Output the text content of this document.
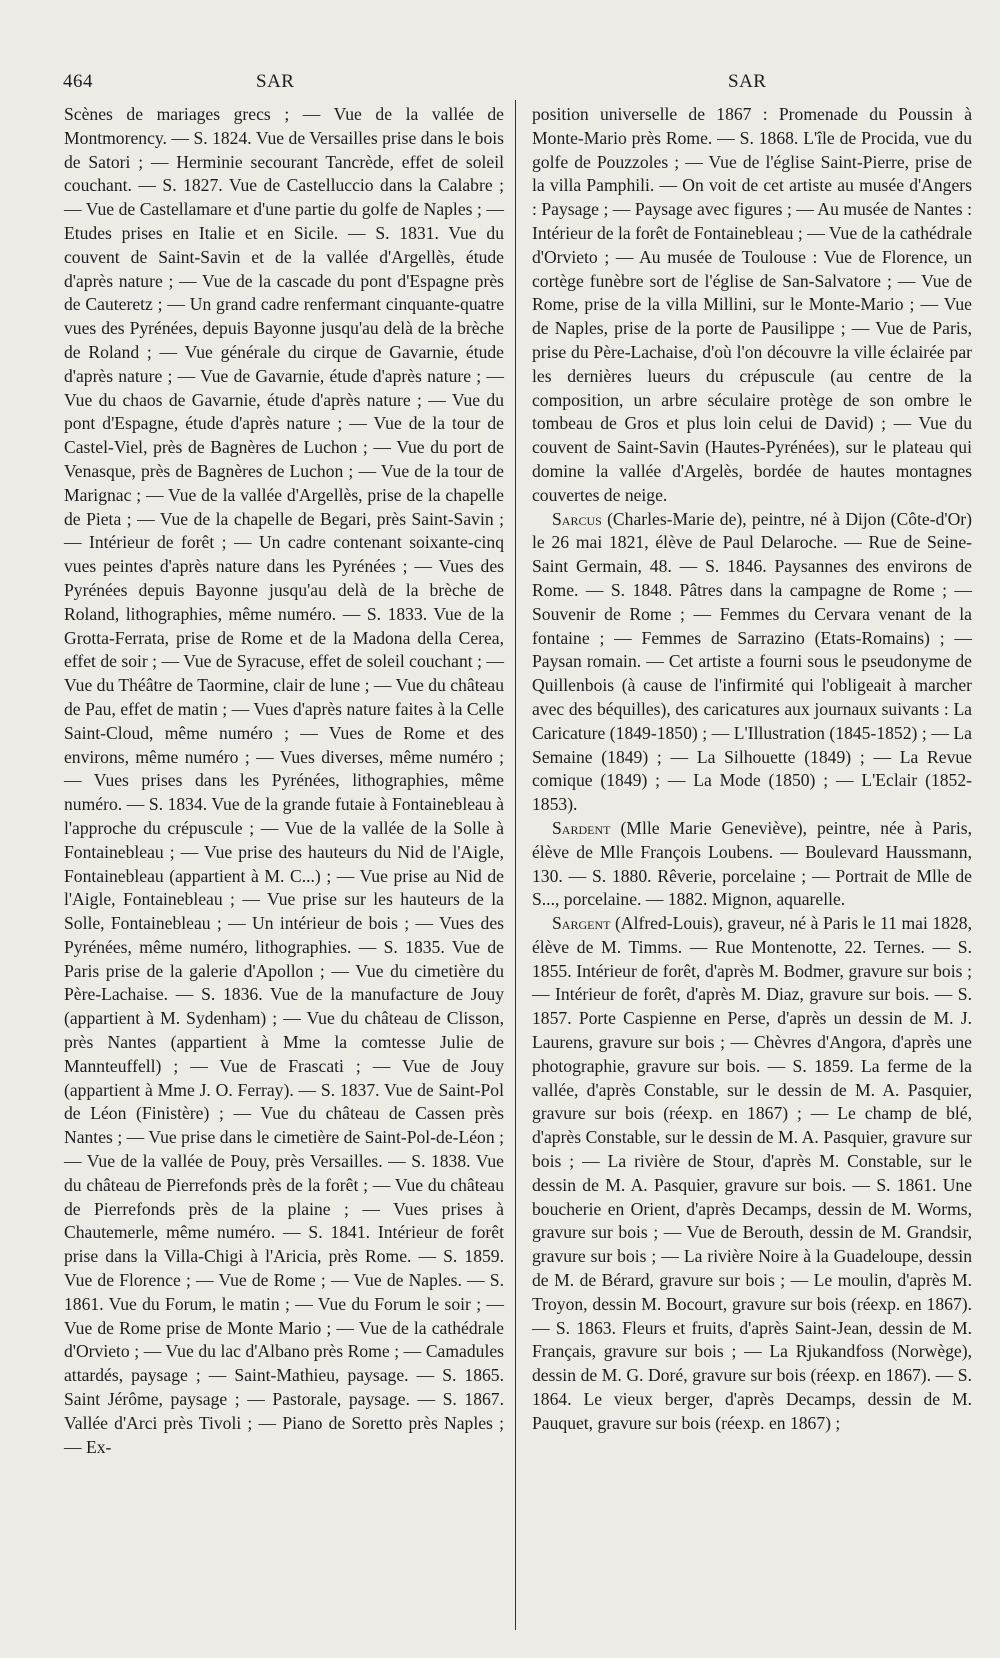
464	SAR	SAR

Scènes de mariages grecs ; — Vue de la vallée de Montmorency. — S. 1824. Vue de Versailles prise dans le bois de Satori ; — Herminie secourant Tancrède, effet de soleil couchant. — S. 1827. Vue de Castelluccio dans la Calabre ; — Vue de Castellamare et d'une partie du golfe de Naples ; — Etudes prises en Italie et en Sicile. — S. 1831. Vue du couvent de Saint-Savin et de la vallée d'Argellès, étude d'après nature ; — Vue de la cascade du pont d'Espagne près de Cauteretz ; — Un grand cadre renfermant cinquante-quatre vues des Pyrénées, depuis Bayonne jusqu'au delà de la brèche de Roland ; — Vue générale du cirque de Gavarnie, étude d'après nature ; — Vue de Gavarnie, étude d'après nature ; — Vue du chaos de Gavarnie, étude d'après nature ; — Vue du pont d'Espagne, étude d'après nature ; — Vue de la tour de Castel-Viel, près de Bagnères de Luchon ; — Vue du port de Venasque, près de Bagnères de Luchon ; — Vue de la tour de Marignac ; — Vue de la vallée d'Argellès, prise de la chapelle de Pieta ; — Vue de la chapelle de Begari, près Saint-Savin ; — Intérieur de forêt ; — Un cadre contenant soixante-cinq vues peintes d'après nature dans les Pyrénées ; — Vues des Pyrénées depuis Bayonne jusqu'au delà de la brèche de Roland, lithographies, même numéro. — S. 1833. Vue de la Grotta-Ferrata, prise de Rome et de la Madona della Cerea, effet de soir ; — Vue de Syracuse, effet de soleil couchant ; — Vue du Théâtre de Taormine, clair de lune ; — Vue du château de Pau, effet de matin ; — Vues d'après nature faites à la Celle Saint-Cloud, même numéro ; — Vues de Rome et des environs, même numéro ; — Vues diverses, même numéro ; — Vues prises dans les Pyrénées, lithographies, même numéro. — S. 1834. Vue de la grande futaie à Fontainebleau à l'approche du crépuscule ; — Vue de la vallée de la Solle à Fontainebleau ; — Vue prise des hauteurs du Nid de l'Aigle, Fontainebleau (appartient à M. C...) ; — Vue prise au Nid de l'Aigle, Fontainebleau ; — Vue prise sur les hauteurs de la Solle, Fontainebleau ; — Un intérieur de bois ; — Vues des Pyrénées, même numéro, lithographies. — S. 1835. Vue de Paris prise de la galerie d'Apollon ; — Vue du cimetière du Père-Lachaise. — S. 1836. Vue de la manufacture de Jouy (appartient à M. Sydenham) ; — Vue du château de Clisson, près Nantes (appartient à Mme la comtesse Julie de Mannteuffell) ; — Vue de Frascati ; — Vue de Jouy (appartient à Mme J. O. Ferray). — S. 1837. Vue de Saint-Pol de Léon (Finistère) ; — Vue du château de Cassen près Nantes ; — Vue prise dans le cimetière de Saint-Pol-de-Léon ; — Vue de la vallée de Pouy, près Versailles. — S. 1838. Vue du château de Pierrefonds près de la forêt ; — Vue du château de Pierrefonds près de la plaine ; — Vues prises à Chautemerle, même numéro. — S. 1841. Intérieur de forêt prise dans la Villa-Chigi à l'Aricia, près Rome. — S. 1859. Vue de Florence ; — Vue de Rome ; — Vue de Naples. — S. 1861. Vue du Forum, le matin ; — Vue du Forum le soir ; — Vue de Rome prise de Monte Mario ; — Vue de la cathédrale d'Orvieto ; — Vue du lac d'Albano près Rome ; — Camadules attardés, paysage ; — Saint-Mathieu, paysage. — S. 1865. Saint Jérôme, paysage ; — Pastorale, paysage. — S. 1867. Vallée d'Arci près Tivoli ; — Piano de Soretto près Naples ; — Ex-

position universelle de 1867 : Promenade du Poussin à Monte-Mario près Rome. — S. 1868. L'île de Procida, vue du golfe de Pouzzoles ; — Vue de l'église Saint-Pierre, prise de la villa Pamphili. — On voit de cet artiste au musée d'Angers : Paysage ; — Paysage avec figures ; — Au musée de Nantes : Intérieur de la forêt de Fontainebleau ; — Vue de la cathédrale d'Orvieto ; — Au musée de Toulouse : Vue de Florence, un cortège funèbre sort de l'église de San-Salvatore ; — Vue de Rome, prise de la villa Millini, sur le Monte-Mario ; — Vue de Naples, prise de la porte de Pausilippe ; — Vue de Paris, prise du Père-Lachaise, d'où l'on découvre la ville éclairée par les dernières lueurs du crépuscule (au centre de la composition, un arbre séculaire protège de son ombre le tombeau de Gros et plus loin celui de David) ; — Vue du couvent de Saint-Savin (Hautes-Pyrénées), sur le plateau qui domine la vallée d'Argelès, bordée de hautes montagnes couvertes de neige.

Sarcus (Charles-Marie de), peintre, né à Dijon (Côte-d'Or) le 26 mai 1821, élève de Paul Delaroche. — Rue de Seine-Saint Germain, 48. — S. 1846. Paysannes des environs de Rome. — S. 1848. Pâtres dans la campagne de Rome ; — Souvenir de Rome ; — Femmes du Cervara venant de la fontaine ; — Femmes de Sarrazino (Etats-Romains) ; — Paysan romain. — Cet artiste a fourni sous le pseudonyme de Quillenbois (à cause de l'infirmité qui l'obligeait à marcher avec des béquilles), des caricatures aux journaux suivants : La Caricature (1849-1850) ; — L'Illustration (1845-1852) ; — La Semaine (1849) ; — La Silhouette (1849) ; — La Revue comique (1849) ; — La Mode (1850) ; — L'Eclair (1852-1853).

Sardent (Mlle Marie Geneviève), peintre, née à Paris, élève de Mlle François Loubens. — Boulevard Haussmann, 130. — S. 1880. Rêverie, porcelaine ; — Portrait de Mlle de S..., porcelaine. — 1882. Mignon, aquarelle.

Sargent (Alfred-Louis), graveur, né à Paris le 11 mai 1828, élève de M. Timms. — Rue Montenotte, 22. Ternes. — S. 1855. Intérieur de forêt, d'après M. Bodmer, gravure sur bois ; — Intérieur de forêt, d'après M. Diaz, gravure sur bois. — S. 1857. Porte Caspienne en Perse, d'après un dessin de M. J. Laurens, gravure sur bois ; — Chèvres d'Angora, d'après une photographie, gravure sur bois. — S. 1859. La ferme de la vallée, d'après Constable, sur le dessin de M. A. Pasquier, gravure sur bois (réexp. en 1867) ; — Le champ de blé, d'après Constable, sur le dessin de M. A. Pasquier, gravure sur bois ; — La rivière de Stour, d'après M. Constable, sur le dessin de M. A. Pasquier, gravure sur bois. — S. 1861. Une boucherie en Orient, d'après Decamps, dessin de M. Worms, gravure sur bois ; — Vue de Berouth, dessin de M. Grandsir, gravure sur bois ; — La rivière Noire à la Guadeloupe, dessin de M. de Bérard, gravure sur bois ; — Le moulin, d'après M. Troyon, dessin M. Bocourt, gravure sur bois (réexp. en 1867). — S. 1863. Fleurs et fruits, d'après Saint-Jean, dessin de M. Français, gravure sur bois ; — La Rjukandfoss (Norwège), dessin de M. G. Doré, gravure sur bois (réexp. en 1867). — S. 1864. Le vieux berger, d'après Decamps, dessin de M. Pauquet, gravure sur bois (réexp. en 1867) ;
